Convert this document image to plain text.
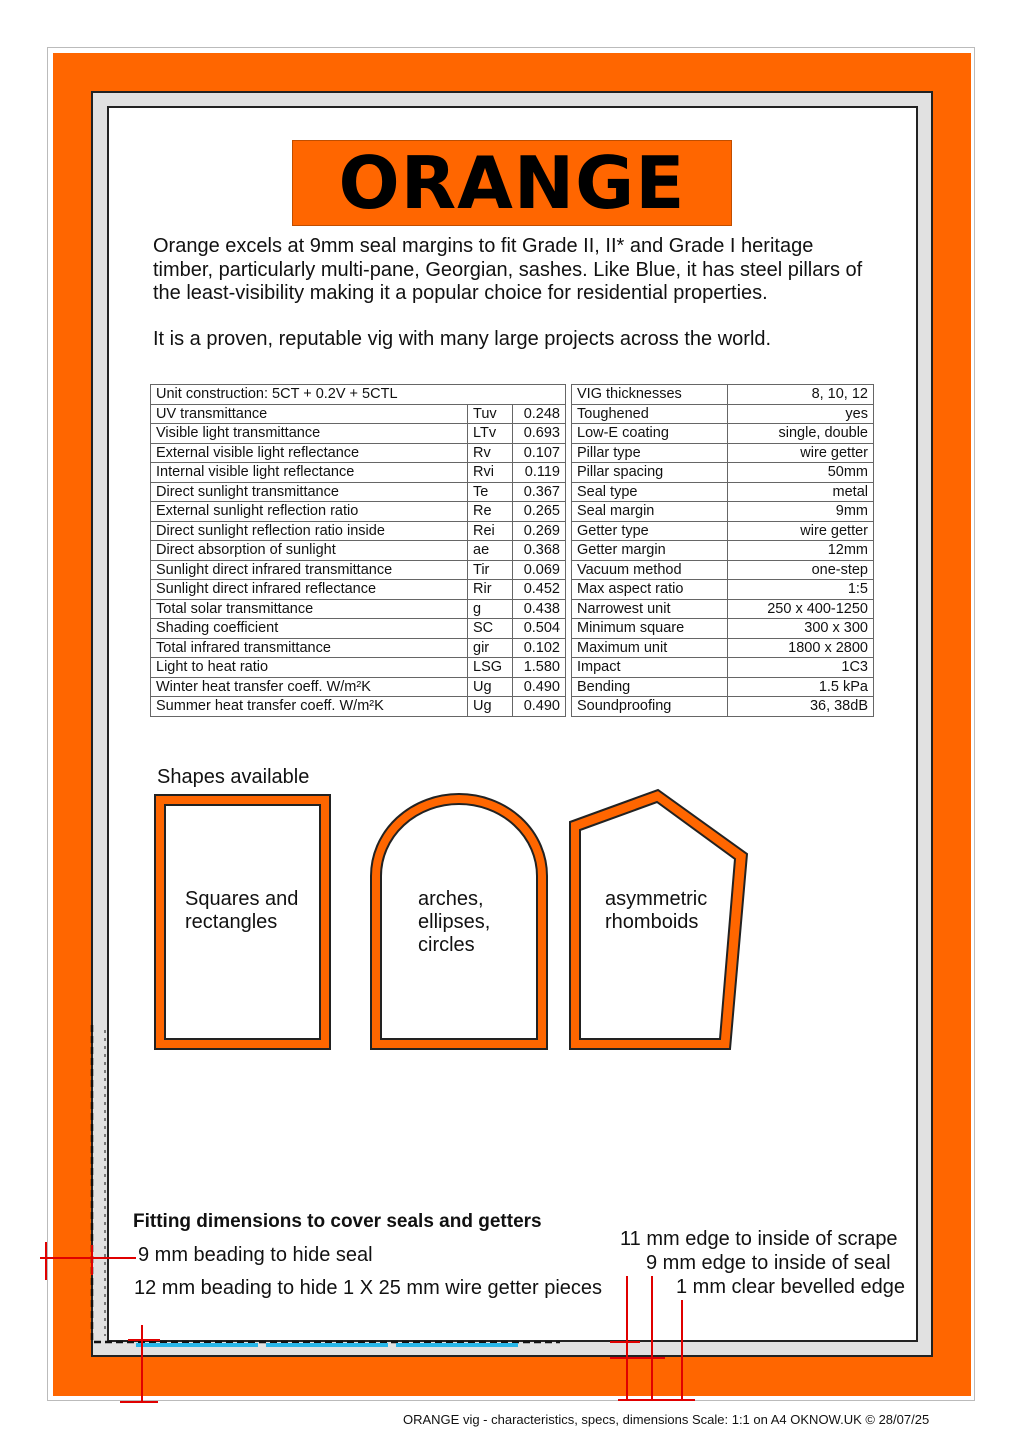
ORANGE
Orange excels at 9mm seal margins to fit Grade II, II* and Grade I heritage timber, particularly multi-pane, Georgian, sashes. Like Blue, it has steel pillars of the least-visibility making it a popular choice for residential properties.
It is a proven, reputable vig with many large projects across the world.
Unit construction: 5CT + 0.2V + 5CTL		
UV transmittance	Tuv	0.248
Visible light transmittance	LTv	0.693
External visible light reflectance	Rv	0.107
Internal visible light reflectance	Rvi	0.119
Direct sunlight transmittance	Te	0.367
External sunlight reflection ratio	Re	0.265
Direct sunlight reflection ratio inside	Rei	0.269
Direct absorption of sunlight	ae	0.368
Sunlight direct infrared transmittance	Tir	0.069
Sunlight direct infrared reflectance	Rir	0.452
Total solar transmittance	g	0.438
Shading coefficient	SC	0.504
Total infrared transmittance	gir	0.102
Light to heat ratio	LSG	1.580
Winter heat transfer coeff. W/m²K	Ug	0.490
Summer heat transfer coeff. W/m²K	Ug	0.490
VIG thicknesses	8, 10, 12
Toughened	yes
Low-E coating	single, double
Pillar type	wire getter
Pillar spacing	50mm
Seal type	metal
Seal margin	9mm
Getter type	wire getter
Getter margin	12mm
Vacuum method	one-step
Max aspect ratio	1:5
Narrowest unit	250 x 400-1250
Minimum square	300 x 300
Maximum unit	1800 x 2800
Impact	1C3
Bending	1.5 kPa
Soundproofing	36, 38dB
Shapes available
Squares and
rectangles
arches,
ellipses,
circles
asymmetric
rhomboids
Fitting dimensions to cover seals and getters
9 mm beading to hide seal
12 mm beading to hide 1 X 25 mm wire getter pieces
11 mm edge to inside of scrape
9 mm edge to inside of seal
1 mm clear bevelled edge
ORANGE vig - characteristics, specs, dimensions Scale: 1:1 on A4 OKNOW.UK © 28/07/25
